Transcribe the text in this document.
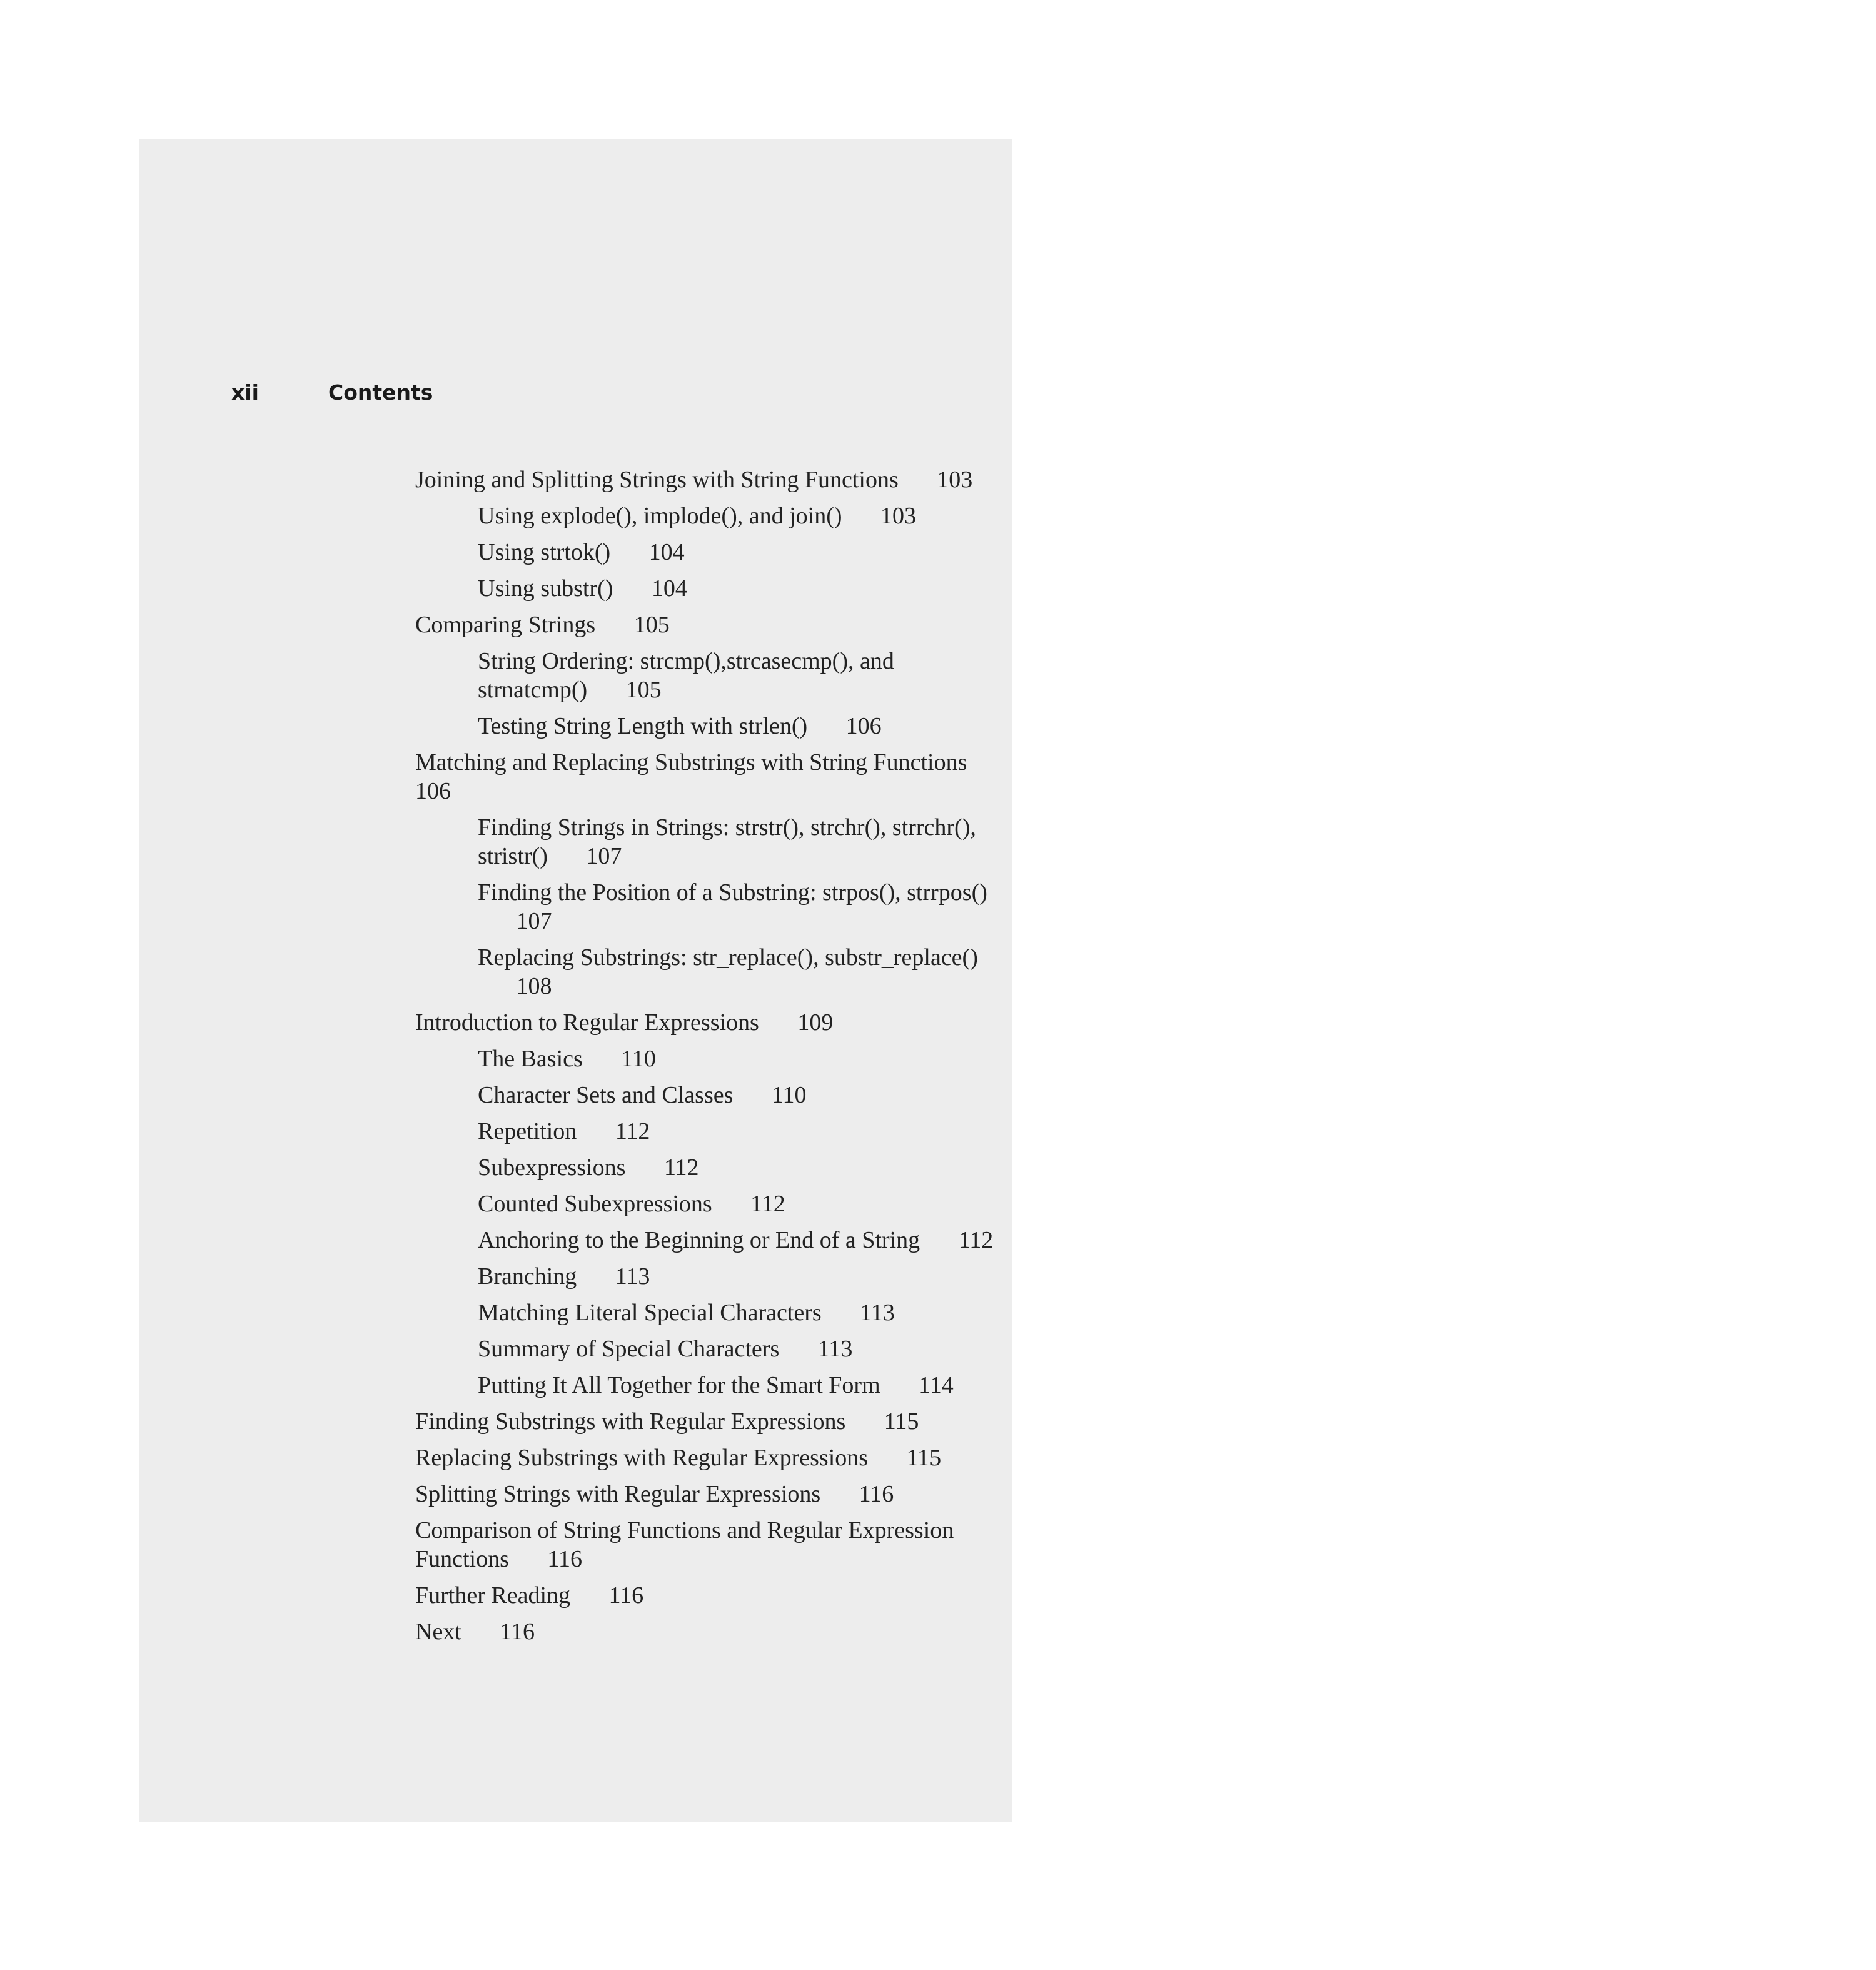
xii	Contents
Joining and Splitting Strings with String Functions 103
Using explode(), implode(), and join() 103
Using strtok() 104
Using substr() 104
Comparing Strings 105
String Ordering: strcmp(),strcasecmp(), and strnatcmp() 105
Testing String Length with strlen() 106
Matching and Replacing Substrings with String Functions 106
Finding Strings in Strings: strstr(), strchr(), strrchr(), stristr() 107
Finding the Position of a Substring: strpos(), strrpos() 107
Replacing Substrings: str_replace(), substr_replace() 108
Introduction to Regular Expressions 109
The Basics 110
Character Sets and Classes 110
Repetition 112
Subexpressions 112
Counted Subexpressions 112
Anchoring to the Beginning or End of a String 112
Branching 113
Matching Literal Special Characters 113
Summary of Special Characters 113
Putting It All Together for the Smart Form 114
Finding Substrings with Regular Expressions 115
Replacing Substrings with Regular Expressions 115
Splitting Strings with Regular Expressions 116
Comparison of String Functions and Regular Expression Functions 116
Further Reading 116
Next 116
